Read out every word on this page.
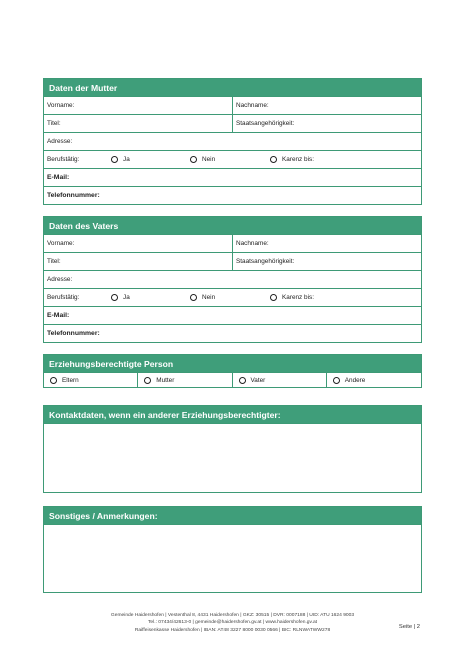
Daten der Mutter
Vorname:	Nachname:
Titel:	Staatsangehörigkeit:
Adresse:
Berufstätig:	Ja	Nein	Karenz bis:
E-Mail:
Telefonnummer:
Daten des Vaters
Vorname:	Nachname:
Titel:	Staatsangehörigkeit:
Adresse:
Berufstätig:	Ja	Nein	Karenz bis:
E-Mail:
Telefonnummer:
Erziehungsberechtigte Person
Eltern	Mutter	Vater	Andere
Kontaktdaten, wenn ein anderer Erziehungsberechtigter:
Sonstiges / Anmerkungen:
Gemeinde Haidershofen | Vestenthal 8, 4431 Haidershofen | GKZ: 30515 | DVR: 0007188 | UID: ATU 1624 9003
Tel.: 07434/42613-0 | gemeinde@haidershofen.gv.at | www.haidershofen.gv.at
Raiffeisenkasse Haidershofen | IBAN: AT48 3227 8000 0030 0566 | BIC: RLNWATWW278
Seite | 2
